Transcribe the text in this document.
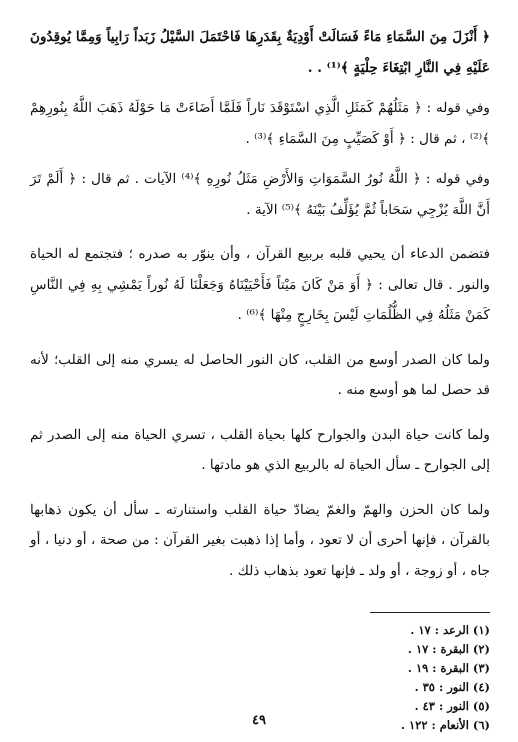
﴿ أَنْزَلَ مِنَ السَّمَاءِ مَاءً فَسَالَتْ أَوْدِيَةٌ بِقَدَرِهَا فَاحْتَمَلَ السَّيْلُ زَبَداً رَابِياً وَمِمَّا يُوقِدُونَ عَلَيْهِ فِي النَّارِ ابْتِغَاءَ حِلْيَةٍ ﴾⁽¹⁾ . .

وفي قوله : ﴿ مَثَلُهُمْ كَمَثَلِ الَّذِي اسْتَوْقَدَ نَاراً فَلَمَّا أَضَاءَتْ مَا حَوْلَهُ ذَهَبَ اللَّهُ بِنُورِهِمْ ﴾⁽²⁾ ، ثم قال : ﴿ أَوْ كَصَيِّبٍ مِنَ السَّمَاءِ ﴾⁽³⁾ .

وفي قوله : ﴿ اللَّهُ نُورُ السَّمَوَاتِ وَالأَرْضِ مَثَلُ نُورِهِ ﴾⁽⁴⁾ الآيات . ثم قال : ﴿ أَلَمْ تَرَ أَنَّ اللَّهَ يُزْجِي سَحَاباً ثُمَّ يُؤَلِّفُ بَيْنَهُ ﴾⁽⁵⁾ الآية .

فتضمن الدعاء أن يحيي قلبه بربيع القرآن ، وأن ينوّر به صدره ؛ فتجتمع له الحياة والنور . قال تعالى : ﴿ أَوَ مَنْ كَانَ مَيْتاً فَأَحْيَيْنَاهُ وَجَعَلْنَا لَهُ نُوراً يَمْشِي بِهِ فِي النَّاسِ كَمَنْ مَثَلُهُ فِي الظُّلُمَاتِ لَيْسَ بِخَارِجٍ مِنْهَا ﴾⁽⁶⁾ .

ولما كان الصدر أوسع من القلب، كان النور الحاصل له يسري منه إلى القلب؛ لأنه قد حصل لما هو أوسع منه .

ولما كانت حياة البدن والجوارح كلها بحياة القلب ، تسري الحياة منه إلى الصدر ثم إلى الجوارح ـ سأل الحياة له بالربيع الذي هو مادتها .

ولما كان الحزن والهمّ والغمّ يضادّ حياة القلب واستنارته ـ سأل أن يكون ذهابها بالقرآن ، فإنها أحرى أن لا تعود ، وأما إذا ذهبت بغير القرآن : من صحة ، أو دنيا ، أو جاه ، أو زوجة ، أو ولد ـ فإنها تعود بذهاب ذلك .

(١) الرعد : ١٧ .
(٢) البقرة : ١٧ .
(٣) البقرة : ١٩ .
(٤) النور : ٣٥ .
(٥) النور : ٤٣ .
(٦) الأنعام : ١٢٢ .
٤٩
